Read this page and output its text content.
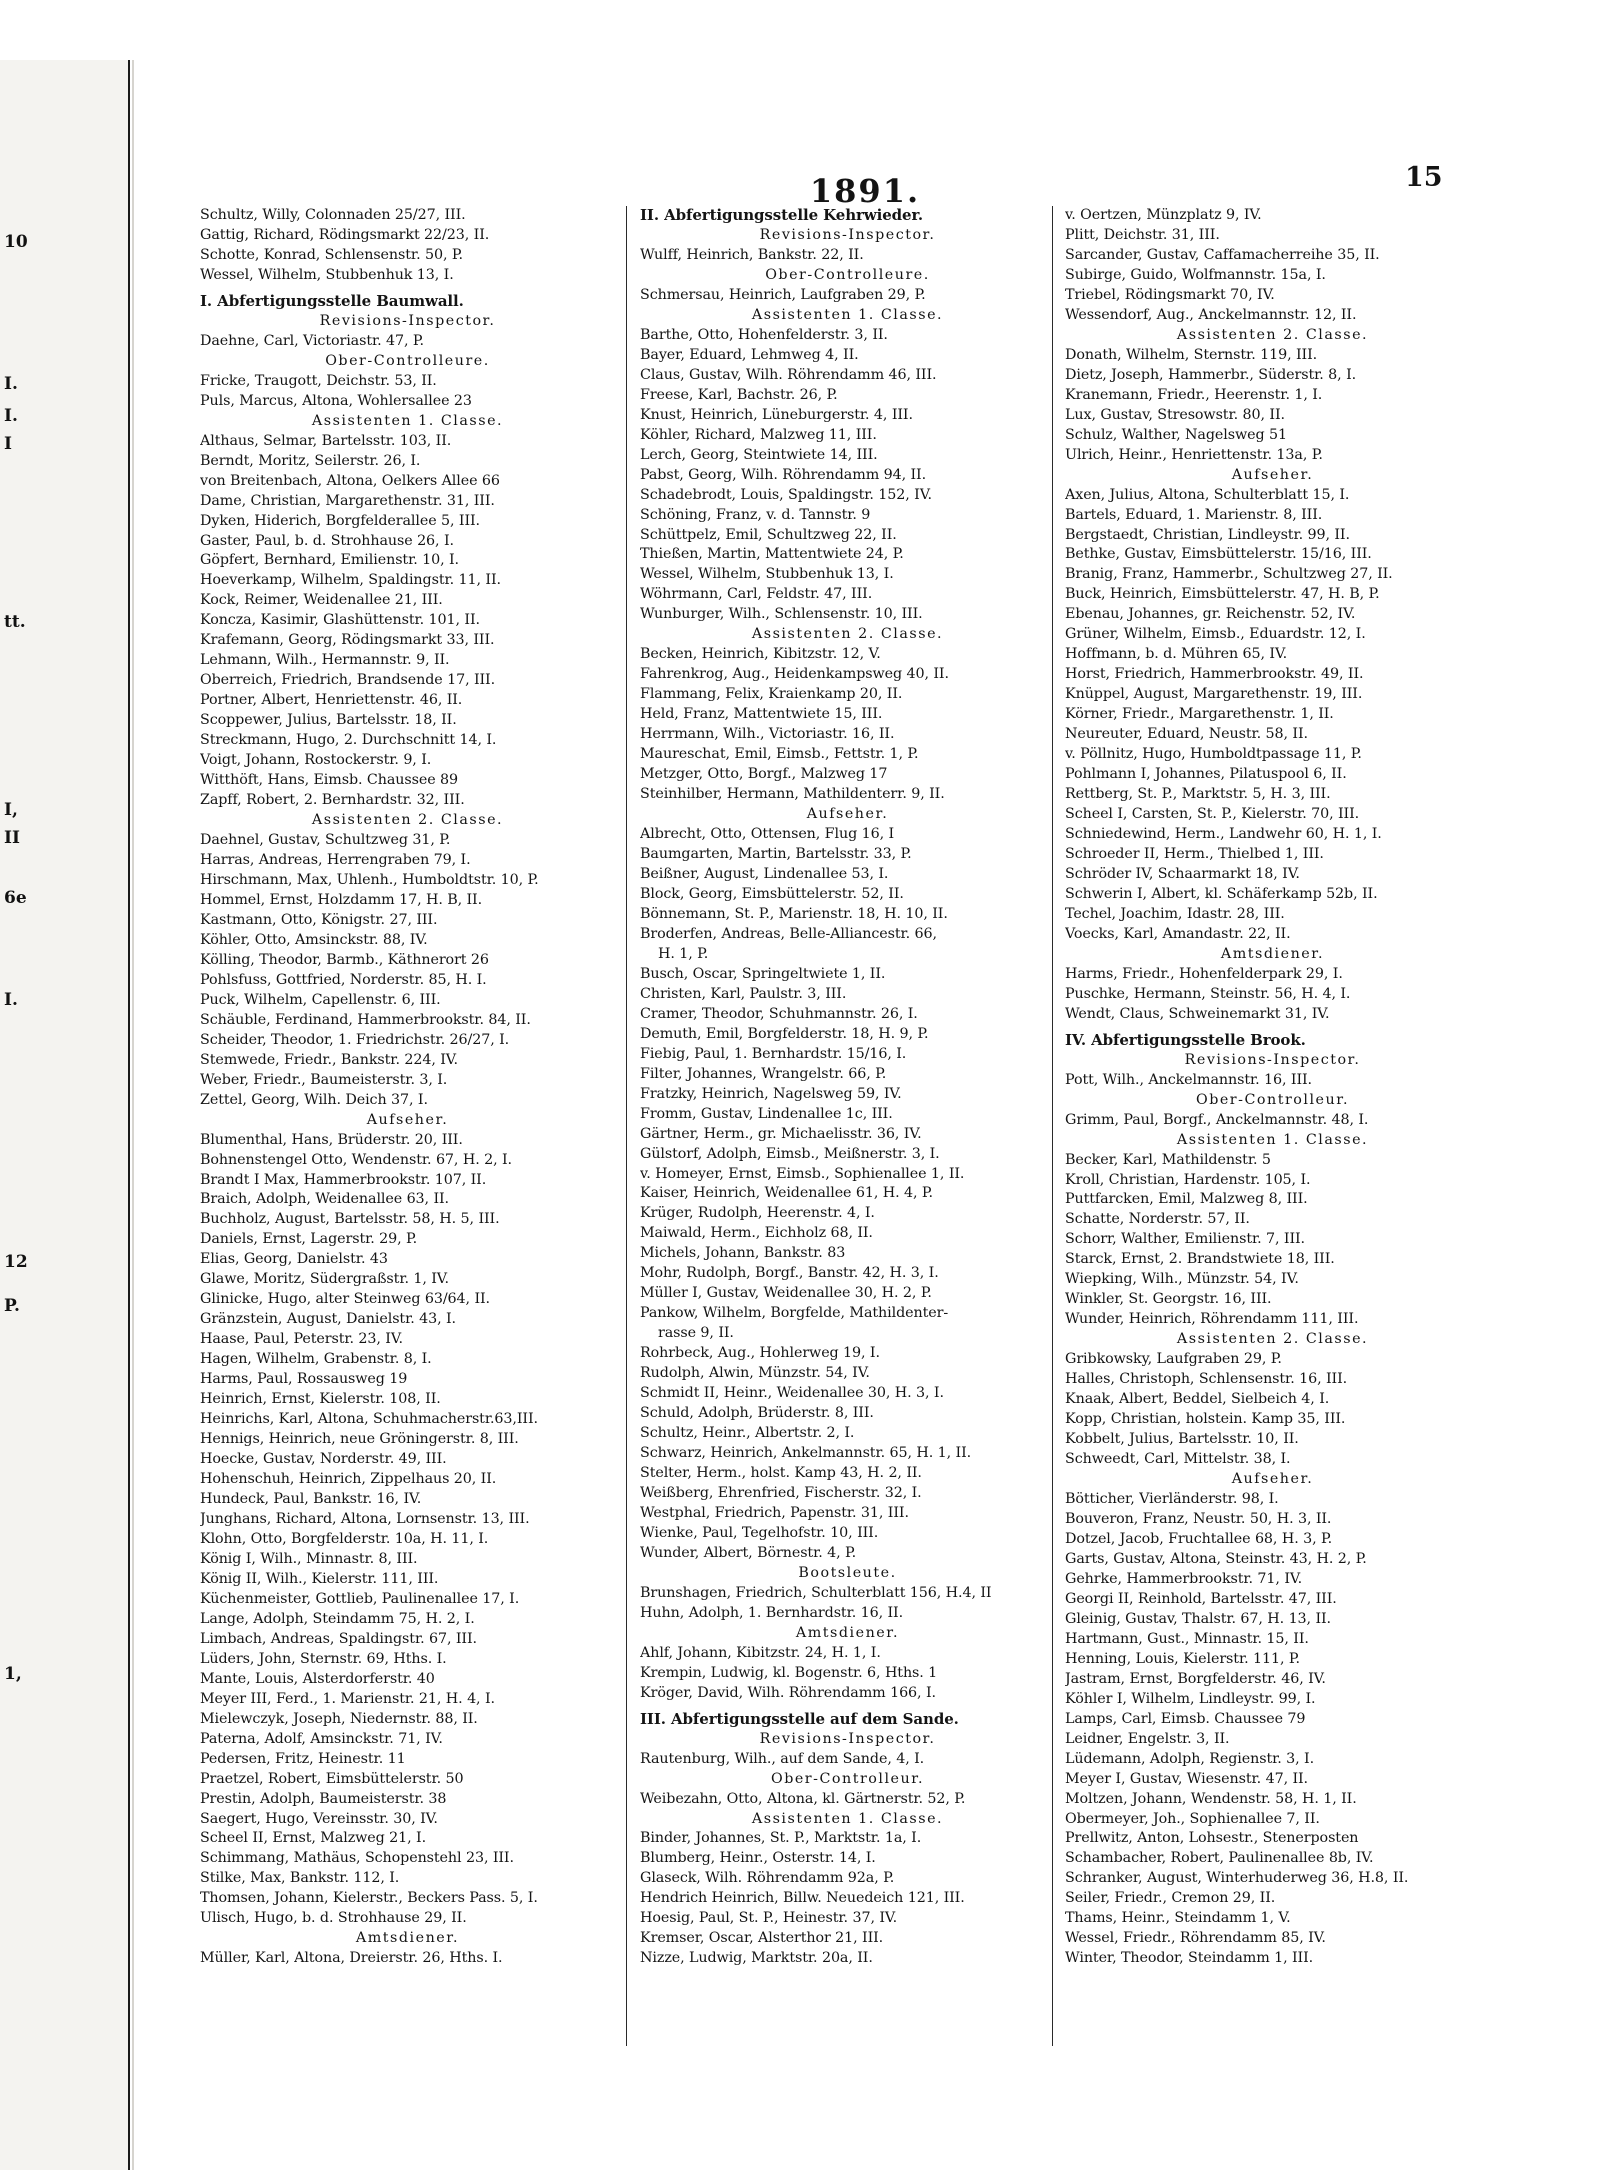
10
I.
I.
I
tt.
I,
II
6e
I.
12
P.
1,
1891.	15
Schultz, Willy, Colonnaden 25/27, III.
Gattig, Richard, Rödingsmarkt 22/23, II.
Schotte, Konrad, Schlensenstr. 50, P.
Wessel, Wilhelm, Stubbenhuk 13, I.
I. Abfertigungsstelle Baumwall.
Revisions-Inspector.
Daehne, Carl, Victoriastr. 47, P.
Ober-Controlleure.
Fricke, Traugott, Deichstr. 53, II.
Puls, Marcus, Altona, Wohlersallee 23
Assistenten 1. Classe.
Althaus, Selmar, Bartelsstr. 103, II.
Berndt, Moritz, Seilerstr. 26, I.
von Breitenbach, Altona, Oelkers Allee 66
Dame, Christian, Margarethenstr. 31, III.
Dyken, Hiderich, Borgfelderallee 5, III.
Gaster, Paul, b. d. Strohhause 26, I.
Göpfert, Bernhard, Emilienstr. 10, I.
Hoeverkamp, Wilhelm, Spaldingstr. 11, II.
Kock, Reimer, Weidenallee 21, III.
Koncza, Kasimir, Glashüttenstr. 101, II.
Krafemann, Georg, Rödingsmarkt 33, III.
Lehmann, Wilh., Hermannstr. 9, II.
Oberreich, Friedrich, Brandsende 17, III.
Portner, Albert, Henriettenstr. 46, II.
Scoppewer, Julius, Bartelsstr. 18, II.
Streckmann, Hugo, 2. Durchschnitt 14, I.
Voigt, Johann, Rostockerstr. 9, I.
Witthöft, Hans, Eimsb. Chaussee 89
Zapff, Robert, 2. Bernhardstr. 32, III.
Assistenten 2. Classe.
Daehnel, Gustav, Schultzweg 31, P.
Harras, Andreas, Herrengraben 79, I.
Hirschmann, Max, Uhlenh., Humboldtstr. 10, P.
Hommel, Ernst, Holzdamm 17, H. B, II.
Kastmann, Otto, Königstr. 27, III.
Köhler, Otto, Amsinckstr. 88, IV.
Kölling, Theodor, Barmb., Käthnerort 26
Pohlsfuss, Gottfried, Norderstr. 85, H. I.
Puck, Wilhelm, Capellenstr. 6, III.
Schäuble, Ferdinand, Hammerbrookstr. 84, II.
Scheider, Theodor, 1. Friedrichstr. 26/27, I.
Stemwede, Friedr., Bankstr. 224, IV.
Weber, Friedr., Baumeisterstr. 3, I.
Zettel, Georg, Wilh. Deich 37, I.
Aufseher.
Blumenthal, Hans, Brüderstr. 20, III.
Bohnenstengel Otto, Wendenstr. 67, H. 2, I.
Brandt I Max, Hammerbrookstr. 107, II.
Braich, Adolph, Weidenallee 63, II.
Buchholz, August, Bartelsstr. 58, H. 5, III.
Daniels, Ernst, Lagerstr. 29, P.
Elias, Georg, Danielstr. 43
Glawe, Moritz, Südergraßstr. 1, IV.
Glinicke, Hugo, alter Steinweg 63/64, II.
Gränzstein, August, Danielstr. 43, I.
Haase, Paul, Peterstr. 23, IV.
Hagen, Wilhelm, Grabenstr. 8, I.
Harms, Paul, Rossausweg 19
Heinrich, Ernst, Kielerstr. 108, II.
Heinrichs, Karl, Altona, Schuhmacherstr.63,III.
Hennigs, Heinrich, neue Gröningerstr. 8, III.
Hoecke, Gustav, Norderstr. 49, III.
Hohenschuh, Heinrich, Zippelhaus 20, II.
Hundeck, Paul, Bankstr. 16, IV.
Junghans, Richard, Altona, Lornsenstr. 13, III.
Klohn, Otto, Borgfelderstr. 10a, H. 11, I.
König I, Wilh., Minnastr. 8, III.
König II, Wilh., Kielerstr. 111, III.
Küchenmeister, Gottlieb, Paulinenallee 17, I.
Lange, Adolph, Steindamm 75, H. 2, I.
Limbach, Andreas, Spaldingstr. 67, III.
Lüders, John, Sternstr. 69, Hths. I.
Mante, Louis, Alsterdorferstr. 40
Meyer III, Ferd., 1. Marienstr. 21, H. 4, I.
Mielewczyk, Joseph, Niedernstr. 88, II.
Paterna, Adolf, Amsinckstr. 71, IV.
Pedersen, Fritz, Heinestr. 11
Praetzel, Robert, Eimsbüttelerstr. 50
Prestin, Adolph, Baumeisterstr. 38
Saegert, Hugo, Vereinsstr. 30, IV.
Scheel II, Ernst, Malzweg 21, I.
Schimmang, Mathäus, Schopenstehl 23, III.
Stilke, Max, Bankstr. 112, I.
Thomsen, Johann, Kielerstr., Beckers Pass. 5, I.
Ulisch, Hugo, b. d. Strohhause 29, II.
Amtsdiener.
Müller, Karl, Altona, Dreierstr. 26, Hths. I.
II. Abfertigungsstelle Kehrwieder.
Revisions-Inspector.
Wulff, Heinrich, Bankstr. 22, II.
Ober-Controlleure.
Schmersau, Heinrich, Laufgraben 29, P.
Assistenten 1. Classe.
Barthe, Otto, Hohenfelderstr. 3, II.
Bayer, Eduard, Lehmweg 4, II.
Claus, Gustav, Wilh. Röhrendamm 46, III.
Freese, Karl, Bachstr. 26, P.
Knust, Heinrich, Lüneburgerstr. 4, III.
Köhler, Richard, Malzweg 11, III.
Lerch, Georg, Steintwiete 14, III.
Pabst, Georg, Wilh. Röhrendamm 94, II.
Schadebrodt, Louis, Spaldingstr. 152, IV.
Schöning, Franz, v. d. Tannstr. 9
Schüttpelz, Emil, Schultzweg 22, II.
Thießen, Martin, Mattentwiete 24, P.
Wessel, Wilhelm, Stubbenhuk 13, I.
Wöhrmann, Carl, Feldstr. 47, III.
Wunburger, Wilh., Schlensenstr. 10, III.
Assistenten 2. Classe.
Becken, Heinrich, Kibitzstr. 12, V.
Fahrenkrog, Aug., Heidenkampsweg 40, II.
Flammang, Felix, Kraienkamp 20, II.
Held, Franz, Mattentwiete 15, III.
Herrmann, Wilh., Victoriastr. 16, II.
Maureschat, Emil, Eimsb., Fettstr. 1, P.
Metzger, Otto, Borgf., Malzweg 17
Steinhilber, Hermann, Mathildenterr. 9, II.
Aufseher.
Albrecht, Otto, Ottensen, Flug 16, I
Baumgarten, Martin, Bartelsstr. 33, P.
Beißner, August, Lindenallee 53, I.
Block, Georg, Eimsbüttelerstr. 52, II.
Bönnemann, St. P., Marienstr. 18, H. 10, II.
Broderfen, Andreas, Belle-Alliancestr. 66,
H. 1, P.
Busch, Oscar, Springeltwiete 1, II.
Christen, Karl, Paulstr. 3, III.
Cramer, Theodor, Schuhmannstr. 26, I.
Demuth, Emil, Borgfelderstr. 18, H. 9, P.
Fiebig, Paul, 1. Bernhardstr. 15/16, I.
Filter, Johannes, Wrangelstr. 66, P.
Fratzky, Heinrich, Nagelsweg 59, IV.
Fromm, Gustav, Lindenallee 1c, III.
Gärtner, Herm., gr. Michaelisstr. 36, IV.
Gülstorf, Adolph, Eimsb., Meißnerstr. 3, I.
v. Homeyer, Ernst, Eimsb., Sophienallee 1, II.
Kaiser, Heinrich, Weidenallee 61, H. 4, P.
Krüger, Rudolph, Heerenstr. 4, I.
Maiwald, Herm., Eichholz 68, II.
Michels, Johann, Bankstr. 83
Mohr, Rudolph, Borgf., Banstr. 42, H. 3, I.
Müller I, Gustav, Weidenallee 30, H. 2, P.
Pankow, Wilhelm, Borgfelde, Mathildenter-
rasse 9, II.
Rohrbeck, Aug., Hohlerweg 19, I.
Rudolph, Alwin, Münzstr. 54, IV.
Schmidt II, Heinr., Weidenallee 30, H. 3, I.
Schuld, Adolph, Brüderstr. 8, III.
Schultz, Heinr., Albertstr. 2, I.
Schwarz, Heinrich, Ankelmannstr. 65, H. 1, II.
Stelter, Herm., holst. Kamp 43, H. 2, II.
Weißberg, Ehrenfried, Fischerstr. 32, I.
Westphal, Friedrich, Papenstr. 31, III.
Wienke, Paul, Tegelhofstr. 10, III.
Wunder, Albert, Börnestr. 4, P.
Bootsleute.
Brunshagen, Friedrich, Schulterblatt 156, H.4, II
Huhn, Adolph, 1. Bernhardstr. 16, II.
Amtsdiener.
Ahlf, Johann, Kibitzstr. 24, H. 1, I.
Krempin, Ludwig, kl. Bogenstr. 6, Hths. 1
Kröger, David, Wilh. Röhrendamm 166, I.
III. Abfertigungsstelle auf dem Sande.
Revisions-Inspector.
Rautenburg, Wilh., auf dem Sande, 4, I.
Ober-Controlleur.
Weibezahn, Otto, Altona, kl. Gärtnerstr. 52, P.
Assistenten 1. Classe.
Binder, Johannes, St. P., Marktstr. 1a, I.
Blumberg, Heinr., Osterstr. 14, I.
Glaseck, Wilh. Röhrendamm 92a, P.
Hendrich Heinrich, Billw. Neuedeich 121, III.
Hoesig, Paul, St. P., Heinestr. 37, IV.
Kremser, Oscar, Alsterthor 21, III.
Nizze, Ludwig, Marktstr. 20a, II.
v. Oertzen, Münzplatz 9, IV.
Plitt, Deichstr. 31, III.
Sarcander, Gustav, Caffamacherreihe 35, II.
Subirge, Guido, Wolfmannstr. 15a, I.
Triebel, Rödingsmarkt 70, IV.
Wessendorf, Aug., Anckelmannstr. 12, II.
Assistenten 2. Classe.
Donath, Wilhelm, Sternstr. 119, III.
Dietz, Joseph, Hammerbr., Süderstr. 8, I.
Kranemann, Friedr., Heerenstr. 1, I.
Lux, Gustav, Stresowstr. 80, II.
Schulz, Walther, Nagelsweg 51
Ulrich, Heinr., Henriettenstr. 13a, P.
Aufseher.
Axen, Julius, Altona, Schulterblatt 15, I.
Bartels, Eduard, 1. Marienstr. 8, III.
Bergstaedt, Christian, Lindleystr. 99, II.
Bethke, Gustav, Eimsbüttelerstr. 15/16, III.
Branig, Franz, Hammerbr., Schultzweg 27, II.
Buck, Heinrich, Eimsbüttelerstr. 47, H. B, P.
Ebenau, Johannes, gr. Reichenstr. 52, IV.
Grüner, Wilhelm, Eimsb., Eduardstr. 12, I.
Hoffmann, b. d. Mühren 65, IV.
Horst, Friedrich, Hammerbrookstr. 49, II.
Knüppel, August, Margarethenstr. 19, III.
Körner, Friedr., Margarethenstr. 1, II.
Neureuter, Eduard, Neustr. 58, II.
v. Pöllnitz, Hugo, Humboldtpassage 11, P.
Pohlmann I, Johannes, Pilatuspool 6, II.
Rettberg, St. P., Marktstr. 5, H. 3, III.
Scheel I, Carsten, St. P., Kielerstr. 70, III.
Schniedewind, Herm., Landwehr 60, H. 1, I.
Schroeder II, Herm., Thielbed 1, III.
Schröder IV, Schaarmarkt 18, IV.
Schwerin I, Albert, kl. Schäferkamp 52b, II.
Techel, Joachim, Idastr. 28, III.
Voecks, Karl, Amandastr. 22, II.
Amtsdiener.
Harms, Friedr., Hohenfelderpark 29, I.
Puschke, Hermann, Steinstr. 56, H. 4, I.
Wendt, Claus, Schweinemarkt 31, IV.
IV. Abfertigungsstelle Brook.
Revisions-Inspector.
Pott, Wilh., Anckelmannstr. 16, III.
Ober-Controlleur.
Grimm, Paul, Borgf., Anckelmannstr. 48, I.
Assistenten 1. Classe.
Becker, Karl, Mathildenstr. 5
Kroll, Christian, Hardenstr. 105, I.
Puttfarcken, Emil, Malzweg 8, III.
Schatte, Norderstr. 57, II.
Schorr, Walther, Emilienstr. 7, III.
Starck, Ernst, 2. Brandstwiete 18, III.
Wiepking, Wilh., Münzstr. 54, IV.
Winkler, St. Georgstr. 16, III.
Wunder, Heinrich, Röhrendamm 111, III.
Assistenten 2. Classe.
Gribkowsky, Laufgraben 29, P.
Halles, Christoph, Schlensenstr. 16, III.
Knaak, Albert, Beddel, Sielbeich 4, I.
Kopp, Christian, holstein. Kamp 35, III.
Kobbelt, Julius, Bartelsstr. 10, II.
Schweedt, Carl, Mittelstr. 38, I.
Aufseher.
Bötticher, Vierländerstr. 98, I.
Bouveron, Franz, Neustr. 50, H. 3, II.
Dotzel, Jacob, Fruchtallee 68, H. 3, P.
Garts, Gustav, Altona, Steinstr. 43, H. 2, P.
Gehrke, Hammerbrookstr. 71, IV.
Georgi II, Reinhold, Bartelsstr. 47, III.
Gleinig, Gustav, Thalstr. 67, H. 13, II.
Hartmann, Gust., Minnastr. 15, II.
Henning, Louis, Kielerstr. 111, P.
Jastram, Ernst, Borgfelderstr. 46, IV.
Köhler I, Wilhelm, Lindleystr. 99, I.
Lamps, Carl, Eimsb. Chaussee 79
Leidner, Engelstr. 3, II.
Lüdemann, Adolph, Regienstr. 3, I.
Meyer I, Gustav, Wiesenstr. 47, II.
Moltzen, Johann, Wendenstr. 58, H. 1, II.
Obermeyer, Joh., Sophienallee 7, II.
Prellwitz, Anton, Lohsestr., Stenerposten
Schambacher, Robert, Paulinenallee 8b, IV.
Schranker, August, Winterhuderweg 36, H.8, II.
Seiler, Friedr., Cremon 29, II.
Thams, Heinr., Steindamm 1, V.
Wessel, Friedr., Röhrendamm 85, IV.
Winter, Theodor, Steindamm 1, III.
